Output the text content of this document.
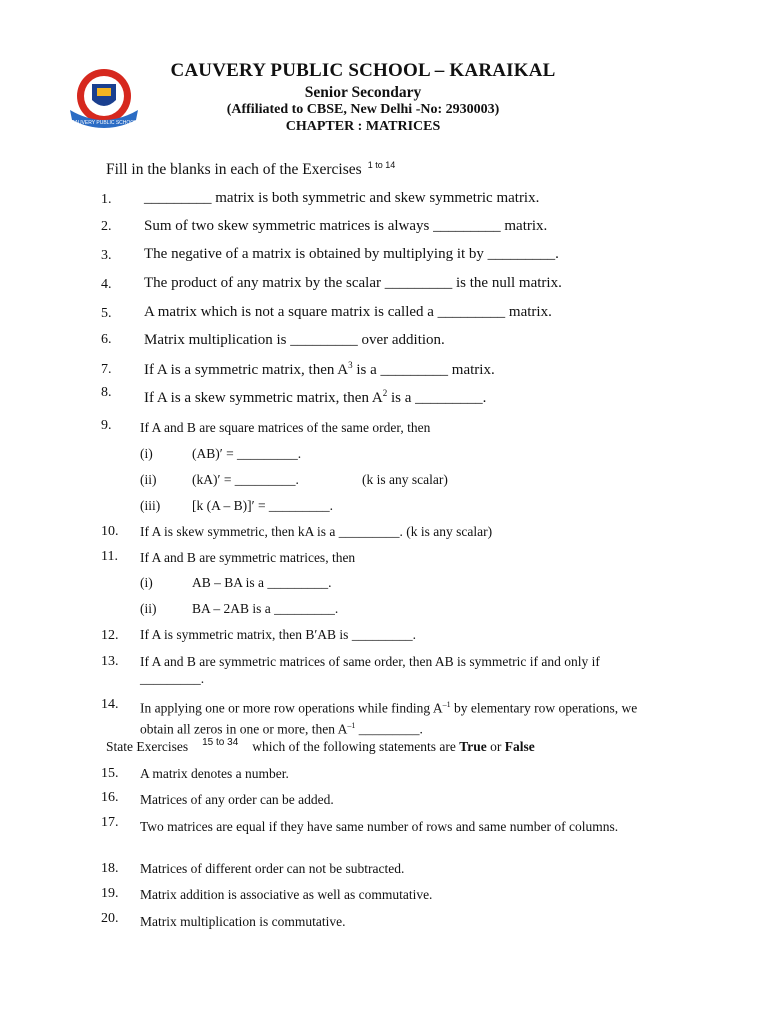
CAUVERY PUBLIC SCHOOL
CAUVERY PUBLIC SCHOOL – KARAIKAL
Senior Secondary
(Affiliated to CBSE, New Delhi -No: 2930003)
CHAPTER : MATRICES
Fill in the blanks in each of the Exercises $^{1 to 14}$
1. _________ matrix is both symmetric and skew symmetric matrix.
2. Sum of two skew symmetric matrices is always _________ matrix.
3. The negative of a matrix is obtained by multiplying it by _________.
4. The product of any matrix by the scalar _________ is the null matrix.
5. A matrix which is not a square matrix is called a _________ matrix.
6. Matrix multiplication is _________ over addition.
7. If A is a symmetric matrix, then $A^3$ is a _________ matrix.
8. If A is a skew symmetric matrix, then $A^2$ is a _________.
9. If A and B are square matrices of the same order, then
(i)	(AB)′ = _________.
(ii)	(kA)′ = _________.	(k is any scalar)
(iii) [k (A – B)]′ = _________.
10. If A is skew symmetric, then kA is a _________. (k is any scalar)
11. If A and B are symmetric matrices, then
(i)	AB – BA is a _________.
(ii)	BA – 2AB is a _________.
12. If A is symmetric matrix, then B′AB is _________.
13. If A and B are symmetric matrices of same order, then AB is symmetric if and only if _________.
14. In applying one or more row operations while finding $A^{-1}$ by elementary row operations, we obtain all zeros in one or more, then $A^{-1}$ _________.
State Exercises $^{15 to 34}$ which of the following statements are True or False
15. A matrix denotes a number.
16. Matrices of any order can be added.
17. Two matrices are equal if they have same number of rows and same number of columns.
18. Matrices of different order can not be subtracted.
19. Matrix addition is associative as well as commutative.
20. Matrix multiplication is commutative.
